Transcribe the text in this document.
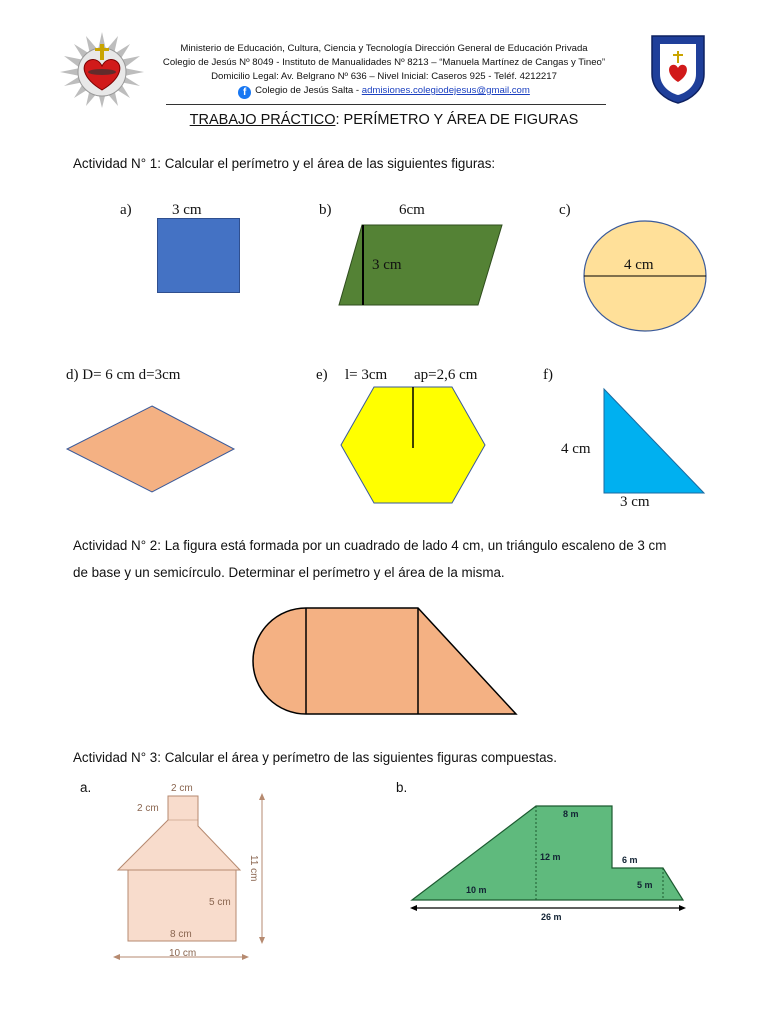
Ministerio de Educación, Cultura, Ciencia y Tecnología Dirección General de Educación Privada
Colegio de Jesús Nº 8049 - Instituto de Manualidades Nº 8213 – “Manuela Martínez de Cangas y Tineo”
Domicilio Legal: Av. Belgrano Nº 636 – Nivel Inicial: Caseros 925 - Teléf. 4212217
f Colegio de Jesús Salta - admisiones.colegiodejesus@gmail.com
TRABAJO PRÁCTICO: PERÍMETRO Y ÁREA DE FIGURAS
Actividad N° 1: Calcular el perímetro y el área de las siguientes figuras:
a)	3 cm	b)	6cm
3 cm
c)
4 cm
d) D= 6 cm d=3cm	e) l= 3cm ap=2,6 cm	f)
4 cm
3 cm
Actividad N° 2: La figura está formada por un cuadrado de lado 4 cm, un triángulo escaleno de 3 cm
de base y un semicírculo. Determinar el perímetro y el área de la misma.
Actividad N° 3: Calcular el área y perímetro de las siguientes figuras compuestas.
a.	b.
2 cm
2 cm
5 cm
8 cm
10 cm
11 cm
8 m
12 m	6 m
5 m
10 m
26 m
